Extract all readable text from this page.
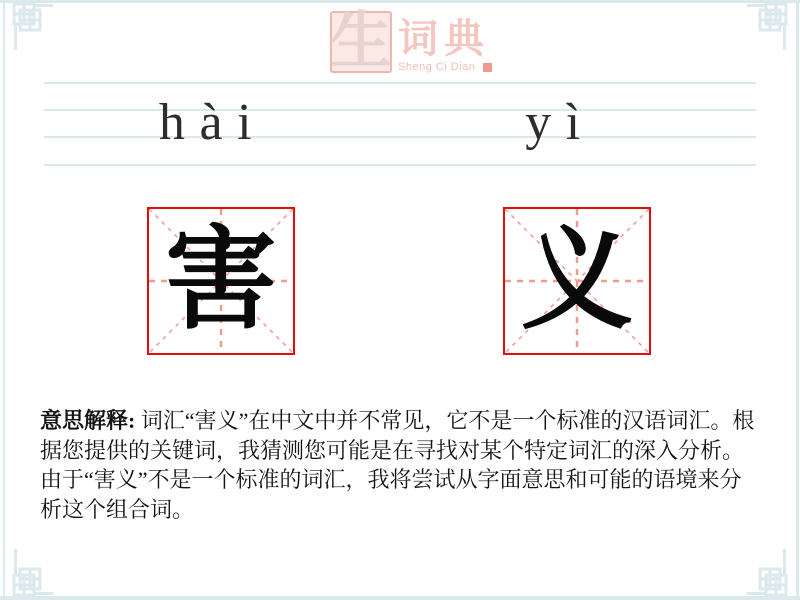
生 词典
Sheng Ci Dian
hài	yì
害 义
意思解释: 词汇“害义”在中文中并不常见，它不是一个标准的汉语词汇。根据您提供的关键词，我猜测您可能是在寻找对某个特定词汇的深入分析。由于“害义”不是一个标准的词汇，我将尝试从字面意思和可能的语境来分析这个组合词。
